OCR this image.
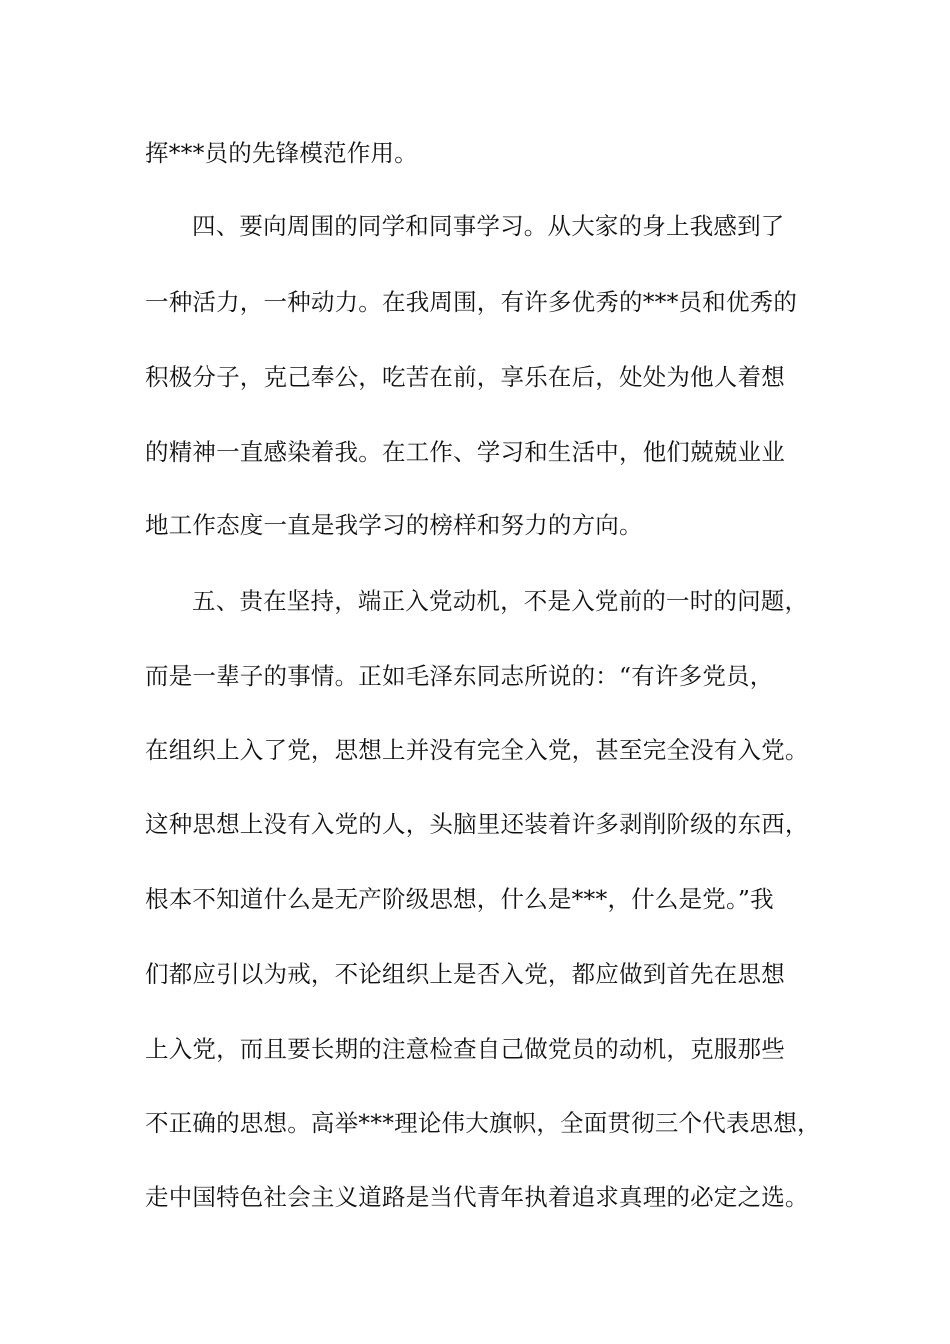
挥***员的先锋模范作用。
四、要向周围的同学和同事学习。从大家的身上我感到了
一种活力，一种动力。在我周围，有许多优秀的***员和优秀的
积极分子，克己奉公，吃苦在前，享乐在后，处处为他人着想
的精神一直感染着我。在工作、学习和生活中，他们兢兢业业
地工作态度一直是我学习的榜样和努力的方向。
五、贵在坚持，端正入党动机，不是入党前的一时的问题，
而是一辈子的事情。正如毛泽东同志所说的：“有许多党员，
在组织上入了党，思想上并没有完全入党，甚至完全没有入党。
这种思想上没有入党的人，头脑里还装着许多剥削阶级的东西，
根本不知道什么是无产阶级思想，什么是***，什么是党。”我
们都应引以为戒，不论组织上是否入党，都应做到首先在思想
上入党，而且要长期的注意检查自己做党员的动机，克服那些
不正确的思想。高举***理论伟大旗帜，全面贯彻三个代表思想，
走中国特色社会主义道路是当代青年执着追求真理的必定之选。
